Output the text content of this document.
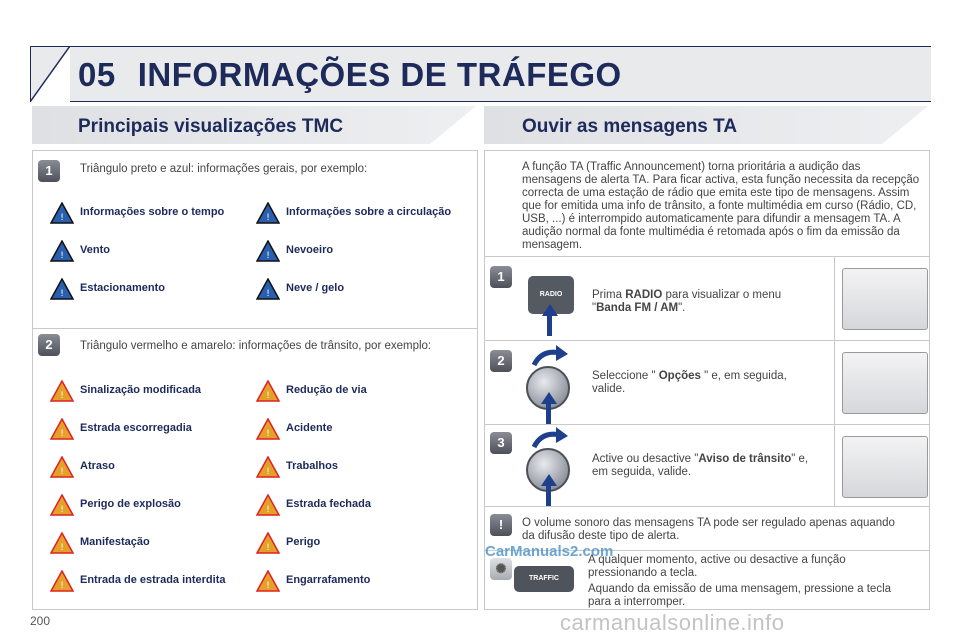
05 INFORMAÇÕES DE TRÁFEGO
Principais visualizações TMC	Ouvir as mensagens TA
1	Triângulo preto e azul: informações gerais, por exemplo:
! Informações sobre o tempo	! Informações sobre a circulação
! Vento	! Nevoeiro
! Estacionamento	! Neve / gelo
2	Triângulo vermelho e amarelo: informações de trânsito, por exemplo:
! Sinalização modificada	! Redução de via
! Estrada escorregadia	! Acidente
! Atraso	! Trabalhos
! Perigo de explosão	! Estrada fechada
! Manifestação	! Perigo
! Entrada de estrada interdita	! Engarrafamento
A função TA (Traffic Announcement) torna prioritária a audição das mensagens de alerta TA. Para ficar activa, esta função necessita da recepção correcta de uma estação de rádio que emita este tipo de mensagens. Assim que for emitida uma info de trânsito, a fonte multimédia em curso (Rádio, CD, USB, ...) é interrompido automaticamente para difundir a mensagem TA. A audição normal da fonte multimédia é retomada após o fim da emissão da mensagem.
1
RADIO	Prima RADIO para visualizar o menu "Banda FM / AM".
2
Seleccione " Opções " e, em seguida, valide.
3
Active ou desactive "Aviso de trânsito" e, em seguida, valide.
!	O volume sonoro das mensagens TA pode ser regulado apenas aquando da difusão deste tipo de alerta.
✺
TRAFFIC
A qualquer momento, active ou desactive a função pressionando a tecla.
Aquando da emissão de uma mensagem, pressione a tecla para a interromper.
CarManuals2.com
200	carmanualsonline.info
